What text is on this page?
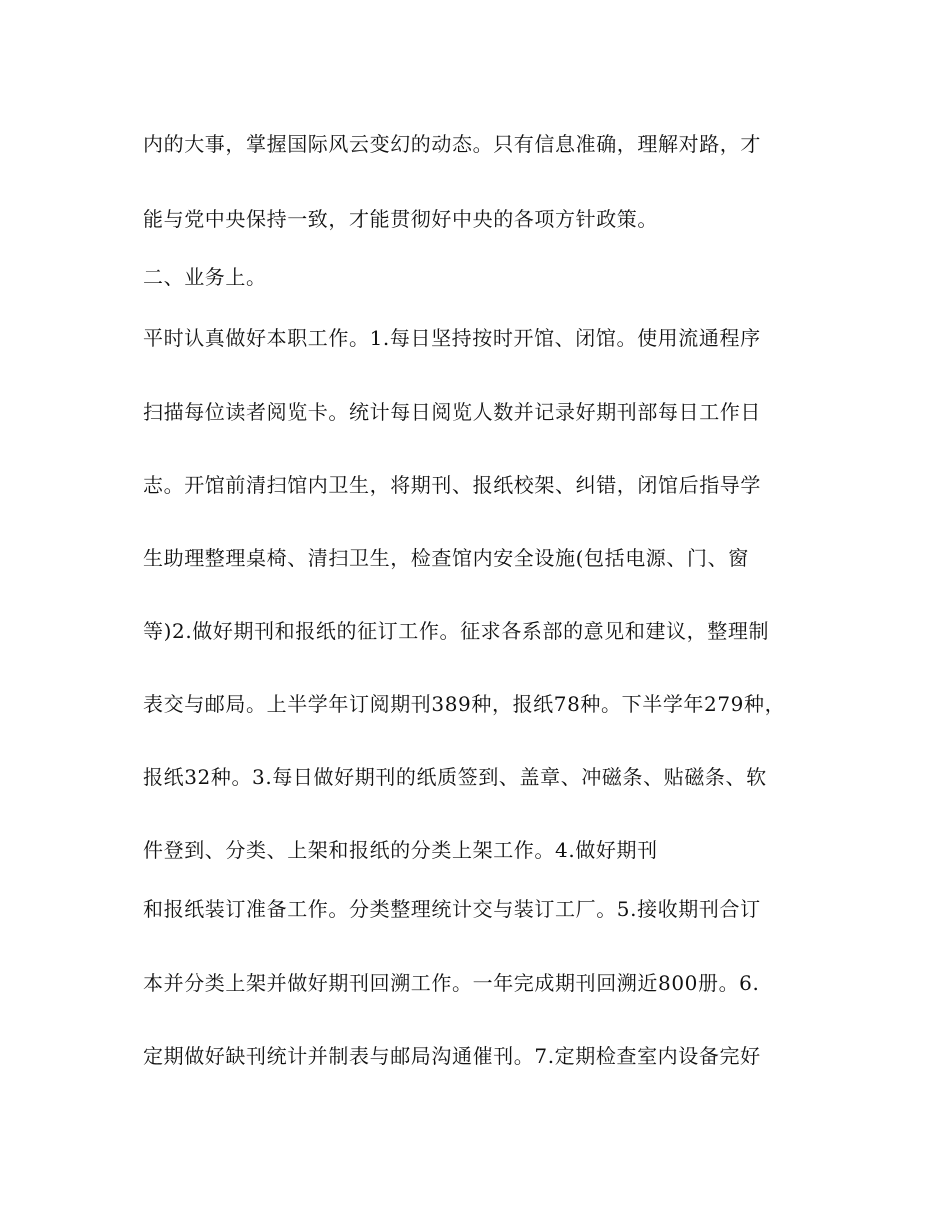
内的大事，掌握国际风云变幻的动态。只有信息准确，理解对路，才
能与党中央保持一致，才能贯彻好中央的各项方针政策。
二、业务上。
平时认真做好本职工作。1.每日坚持按时开馆、闭馆。使用流通程序
扫描每位读者阅览卡。统计每日阅览人数并记录好期刊部每日工作日
志。开馆前清扫馆内卫生，将期刊、报纸校架、纠错，闭馆后指导学
生助理整理桌椅、清扫卫生，检查馆内安全设施(包括电源、门、窗
等)2.做好期刊和报纸的征订工作。征求各系部的意见和建议，整理制
表交与邮局。上半学年订阅期刊389种，报纸78种。下半学年279种，
报纸32种。3.每日做好期刊的纸质签到、盖章、冲磁条、贴磁条、软
件登到、分类、上架和报纸的分类上架工作。4.做好期刊
和报纸装订准备工作。分类整理统计交与装订工厂。5.接收期刊合订
本并分类上架并做好期刊回溯工作。一年完成期刊回溯近800册。6.
定期做好缺刊统计并制表与邮局沟通催刊。7.定期检查室内设备完好
